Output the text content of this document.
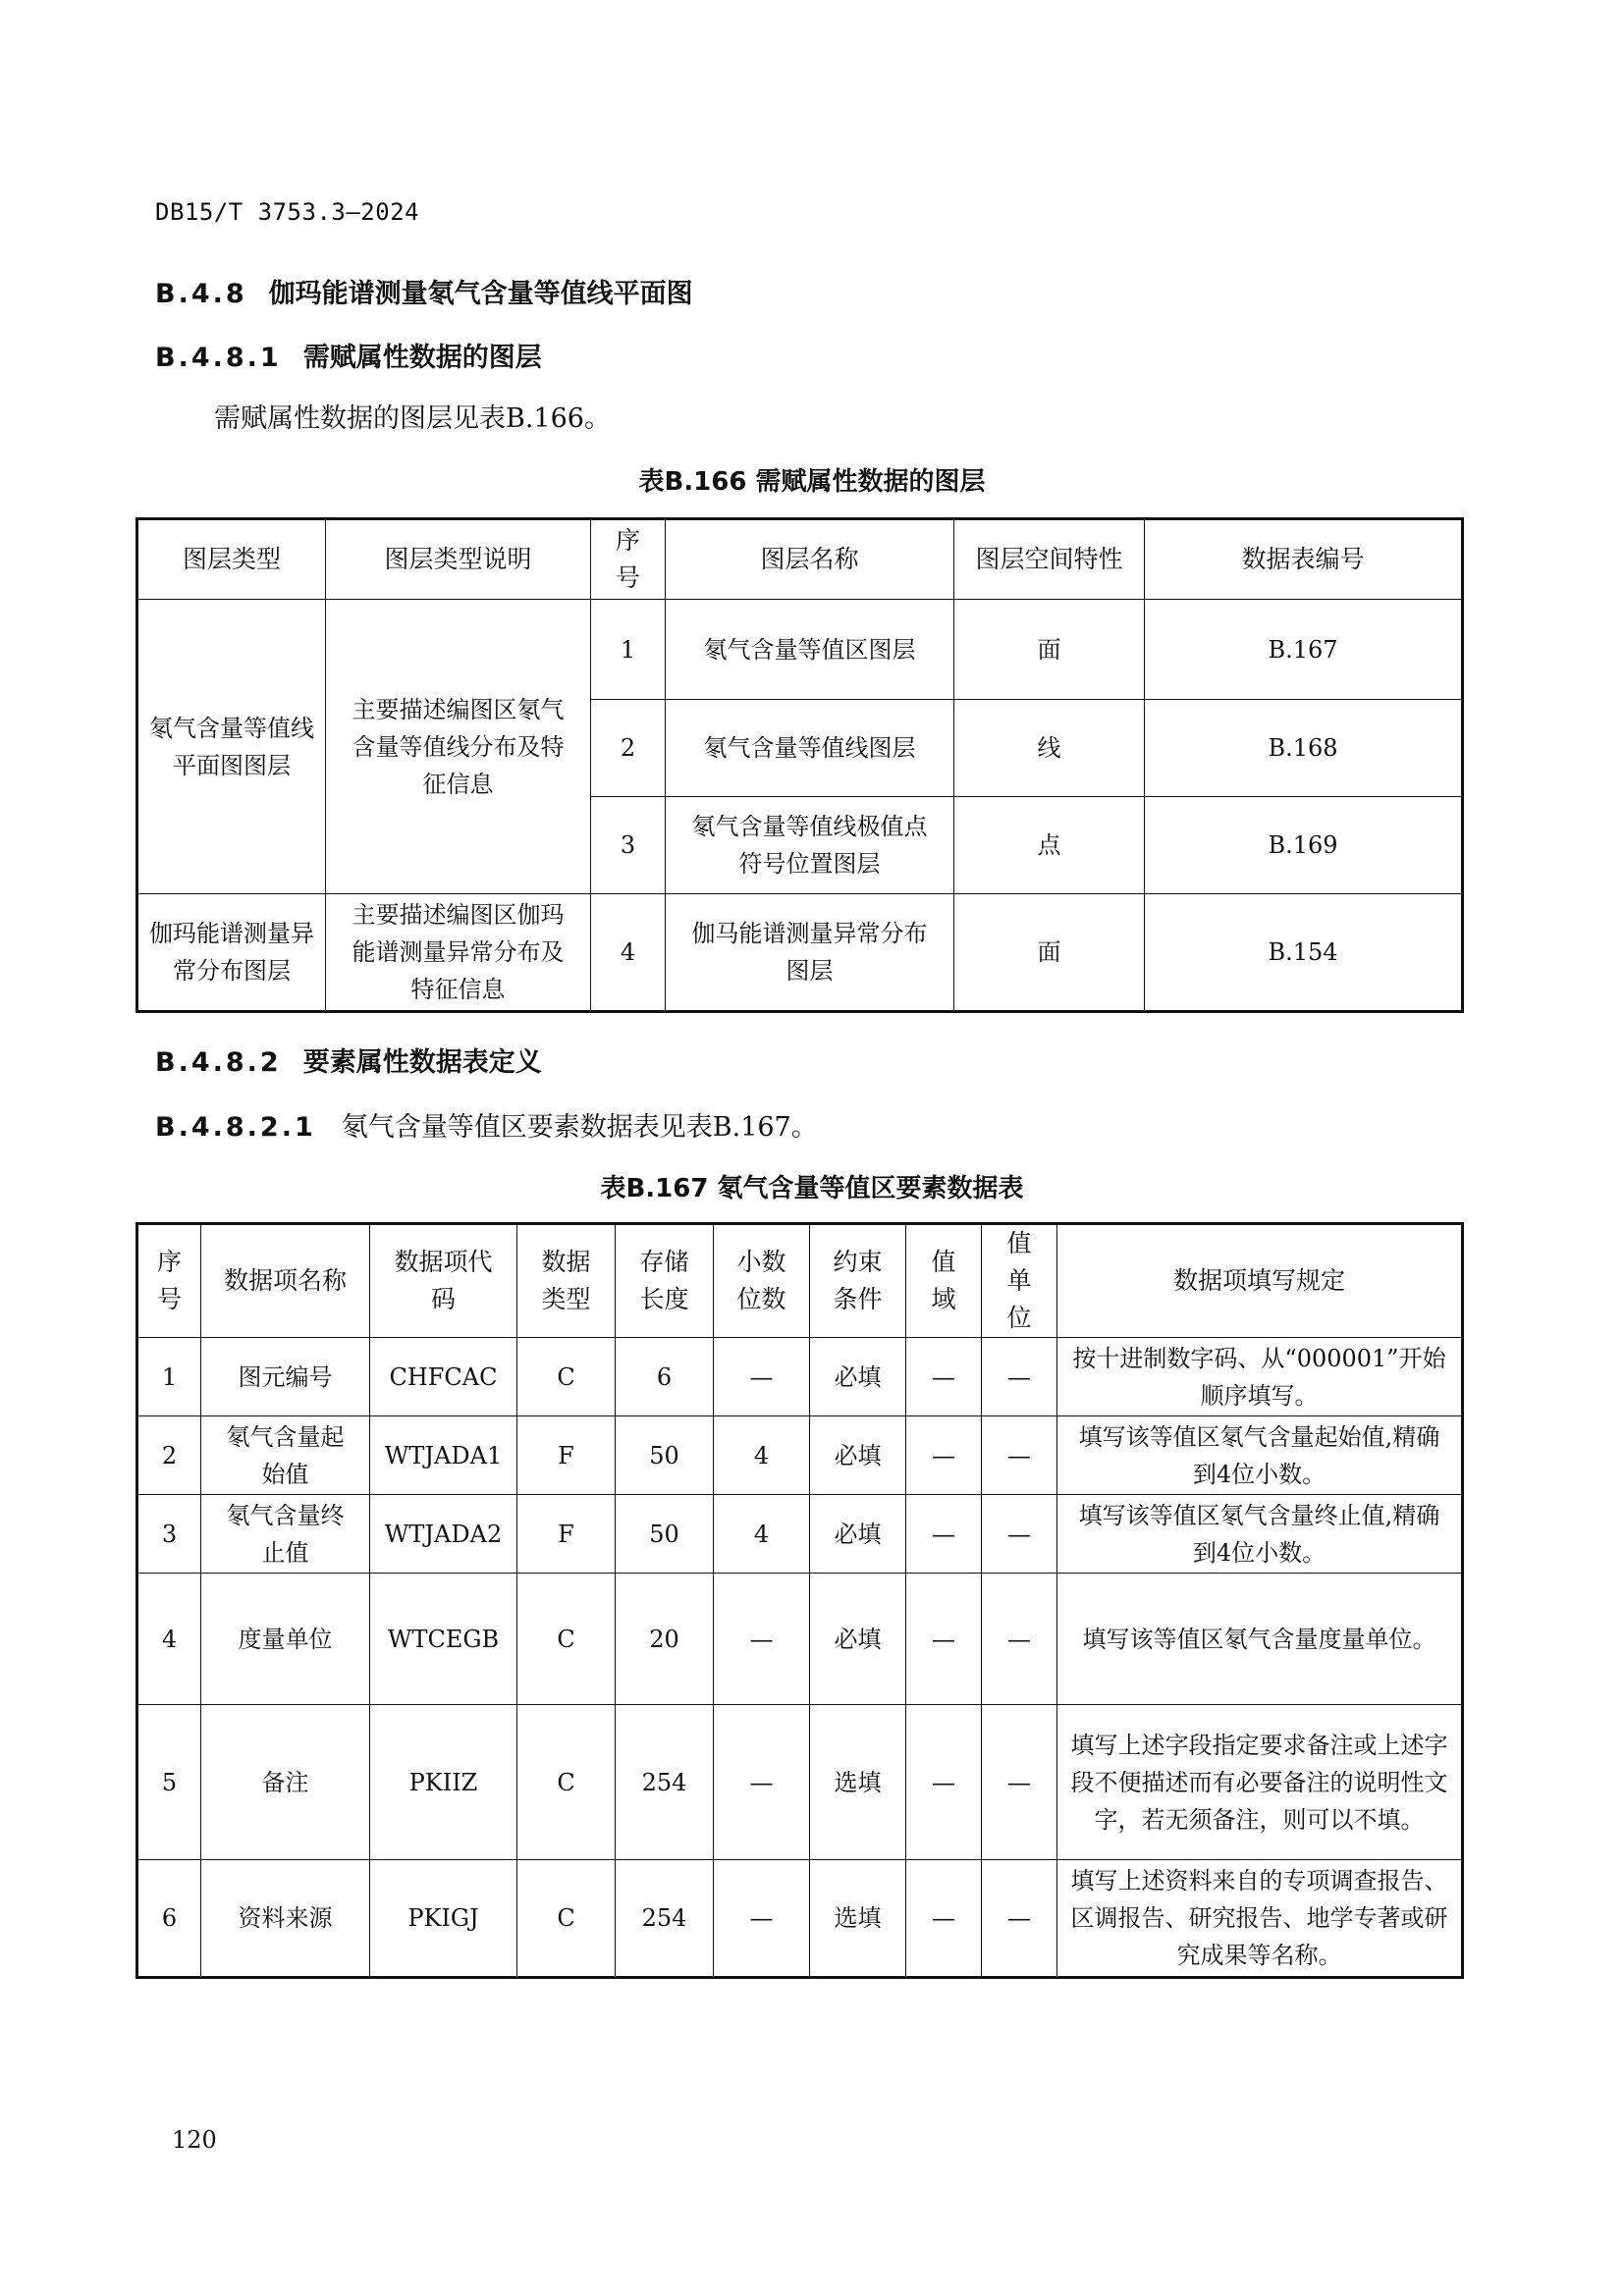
DB15/T 3753.3—2024
B.4.8 伽玛能谱测量氡气含量等值线平面图
B.4.8.1 需赋属性数据的图层
需赋属性数据的图层见表B.166。
表B.166 需赋属性数据的图层
图层类型	图层类型说明	序号	图层名称	图层空间特性	数据表编号
氡气含量等值线平面图图层	主要描述编图区氡气含量等值线分布及特征信息	1	氡气含量等值区图层	面	B.167
		2	氡气含量等值线图层	线	B.168
		3	氡气含量等值线极值点符号位置图层	点	B.169
伽玛能谱测量异常分布图层	主要描述编图区伽玛能谱测量异常分布及特征信息	4	伽马能谱测量异常分布图层	面	B.154
B.4.8.2 要素属性数据表定义
B.4.8.2.1 氡气含量等值区要素数据表见表B.167。
表B.167 氡气含量等值区要素数据表
序号	数据项名称	数据项代码	数据类型	存储长度	小数位数	约束条件	值域	值单位	数据项填写规定
1	图元编号	CHFCAC	C	6	—	必填	—	—	按十进制数字码、从“000001”开始顺序填写。
2	氡气含量起始值	WTJADA1	F	50	4	必填	—	—	填写该等值区氡气含量起始值,精确到4位小数。
3	氡气含量终止值	WTJADA2	F	50	4	必填	—	—	填写该等值区氡气含量终止值,精确到4位小数。
4	度量单位	WTCEGB	C	20	—	必填	—	—	填写该等值区氡气含量度量单位。
5	备注	PKIIZ	C	254	—	选填	—	—	填写上述字段指定要求备注或上述字段不便描述而有必要备注的说明性文字，若无须备注，则可以不填。
6	资料来源	PKIGJ	C	254	—	选填	—	—	填写上述资料来自的专项调查报告、区调报告、研究报告、地学专著或研究成果等名称。
120
